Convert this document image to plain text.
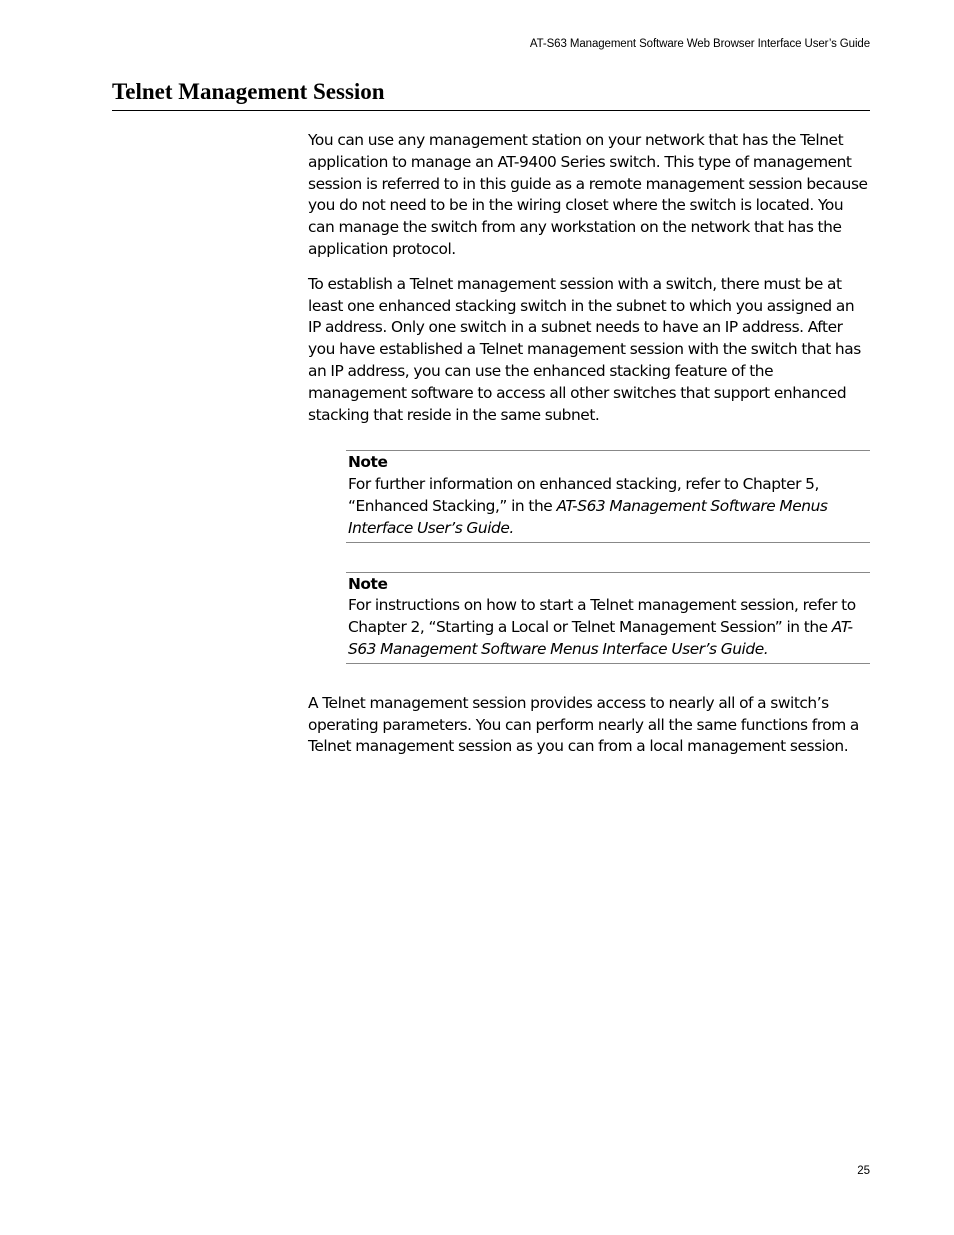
AT-S63 Management Software Web Browser Interface User’s Guide
Telnet Management Session

You can use any management station on your network that has the Telnet application to manage an AT-9400 Series switch. This type of management session is referred to in this guide as a remote management session because you do not need to be in the wiring closet where the switch is located. You can manage the switch from any workstation on the network that has the application protocol.

To establish a Telnet management session with a switch, there must be at least one enhanced stacking switch in the subnet to which you assigned an IP address. Only one switch in a subnet needs to have an IP address. After you have established a Telnet management session with the switch that has an IP address, you can use the enhanced stacking feature of the management software to access all other switches that support enhanced stacking that reside in the same subnet.

Note

For further information on enhanced stacking, refer to Chapter 5, “Enhanced Stacking,” in the AT-S63 Management Software Menus Interface User’s Guide.

Note

For instructions on how to start a Telnet management session, refer to Chapter 2, “Starting a Local or Telnet Management Session” in the AT-S63 Management Software Menus Interface User’s Guide.

A Telnet management session provides access to nearly all of a switch’s operating parameters. You can perform nearly all the same functions from a Telnet management session as you can from a local management session.

25
